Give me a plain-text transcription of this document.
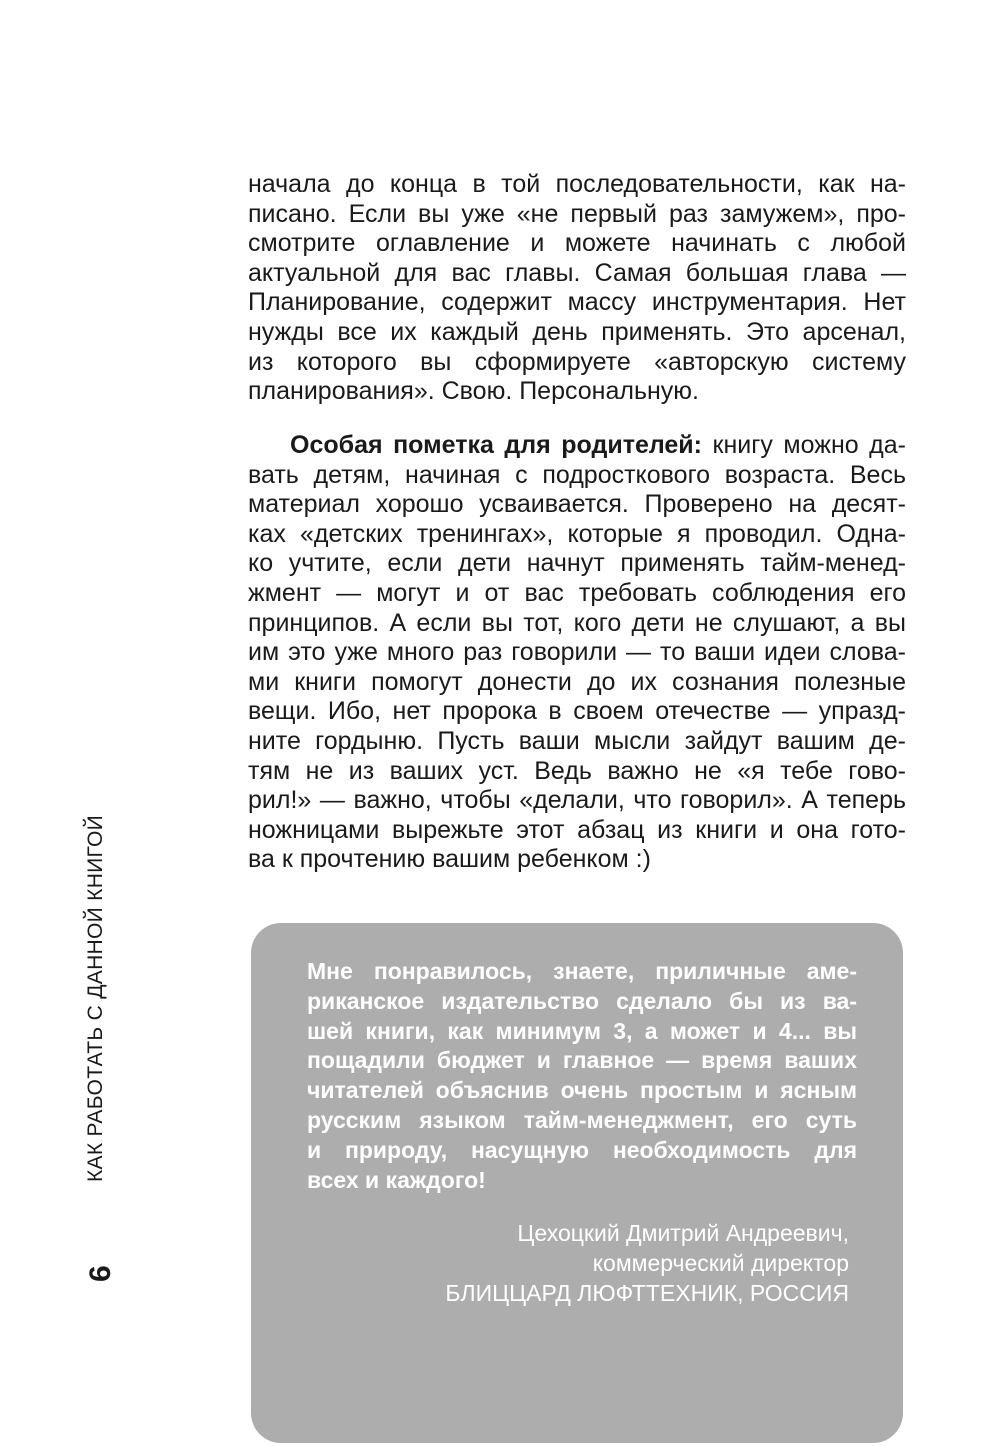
КАК РАБОТАТЬ С ДАННОЙ КНИГОЙ
6
начала до конца в той последовательности, как на-
писано. Если вы уже «не первый раз замужем», про-
смотрите оглавление и можете начинать с любой
актуальной для вас главы. Самая большая глава —
Планирование, содержит массу инструментария. Нет
нужды все их каждый день применять. Это арсенал,
из которого вы сформируете «авторскую систему
планирования». Свою. Персональную.
Особая пометка для родителей: книгу можно да-
вать детям, начиная с подросткового возраста. Весь
материал хорошо усваивается. Проверено на десят-
ках «детских тренингах», которые я проводил. Одна-
ко учтите, если дети начнут применять тайм-менед-
жмент — могут и от вас требовать соблюдения его
принципов. А если вы тот, кого дети не слушают, а вы
им это уже много раз говорили — то ваши идеи слова-
ми книги помогут донести до их сознания полезные
вещи. Ибо, нет пророка в своем отечестве — упразд-
ните гордыню. Пусть ваши мысли зайдут вашим де-
тям не из ваших уст. Ведь важно не «я тебе гово-
рил!» — важно, чтобы «делали, что говорил». А теперь
ножницами вырежьте этот абзац из книги и она гото-
ва к прочтению вашим ребенком :)
Мне понравилось, знаете, приличные аме-
риканское издательство сделало бы из ва-
шей книги, как минимум 3, а может и 4... вы
пощадили бюджет и главное — время ваших
читателей объяснив очень простым и ясным
русским языком тайм-менеджмент, его суть
и природу, насущную необходимость для
всех и каждого!
Цехоцкий Дмитрий Андреевич,
коммерческий директор
БЛИЦЦАРД ЛЮФТТЕХНИК, РОССИЯ
